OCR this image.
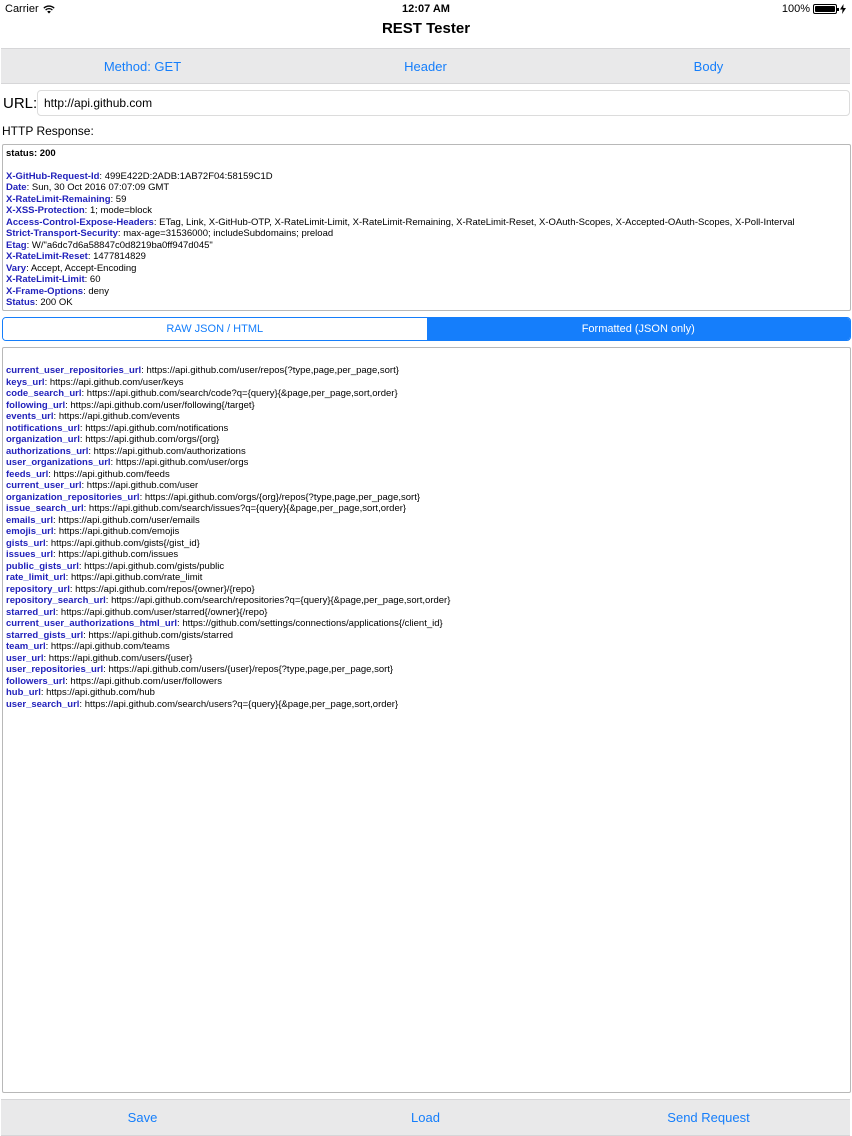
Carrier	12:07 AM	100%
REST Tester
Method: GET	Header	Body
URL:
http://api.github.com
HTTP Response:
status: 200
X-GitHub-Request-Id: 499E422D:2ADB:1AB72F04:58159C1D
Date: Sun, 30 Oct 2016 07:07:09 GMT
X-RateLimit-Remaining: 59
X-XSS-Protection: 1; mode=block
Access-Control-Expose-Headers: ETag, Link, X-GitHub-OTP, X-RateLimit-Limit, X-RateLimit-Remaining, X-RateLimit-Reset, X-OAuth-Scopes, X-Accepted-OAuth-Scopes, X-Poll-Interval
Strict-Transport-Security: max-age=31536000; includeSubdomains; preload
Etag: W/"a6dc7d6a58847c0d8219ba0ff947d045"
X-RateLimit-Reset: 1477814829
Vary: Accept, Accept-Encoding
X-RateLimit-Limit: 60
X-Frame-Options: deny
Status: 200 OK
RAW JSON / HTML	Formatted (JSON only)
current_user_repositories_url: https://api.github.com/user/repos{?type,page,per_page,sort}
keys_url: https://api.github.com/user/keys
code_search_url: https://api.github.com/search/code?q={query}{&page,per_page,sort,order}
following_url: https://api.github.com/user/following{/target}
events_url: https://api.github.com/events
notifications_url: https://api.github.com/notifications
organization_url: https://api.github.com/orgs/{org}
authorizations_url: https://api.github.com/authorizations
user_organizations_url: https://api.github.com/user/orgs
feeds_url: https://api.github.com/feeds
current_user_url: https://api.github.com/user
organization_repositories_url: https://api.github.com/orgs/{org}/repos{?type,page,per_page,sort}
issue_search_url: https://api.github.com/search/issues?q={query}{&page,per_page,sort,order}
emails_url: https://api.github.com/user/emails
emojis_url: https://api.github.com/emojis
gists_url: https://api.github.com/gists{/gist_id}
issues_url: https://api.github.com/issues
public_gists_url: https://api.github.com/gists/public
rate_limit_url: https://api.github.com/rate_limit
repository_url: https://api.github.com/repos/{owner}/{repo}
repository_search_url: https://api.github.com/search/repositories?q={query}{&page,per_page,sort,order}
starred_url: https://api.github.com/user/starred{/owner}{/repo}
current_user_authorizations_html_url: https://github.com/settings/connections/applications{/client_id}
starred_gists_url: https://api.github.com/gists/starred
team_url: https://api.github.com/teams
user_url: https://api.github.com/users/{user}
user_repositories_url: https://api.github.com/users/{user}/repos{?type,page,per_page,sort}
followers_url: https://api.github.com/user/followers
hub_url: https://api.github.com/hub
user_search_url: https://api.github.com/search/users?q={query}{&page,per_page,sort,order}
Save	Load	Send Request
